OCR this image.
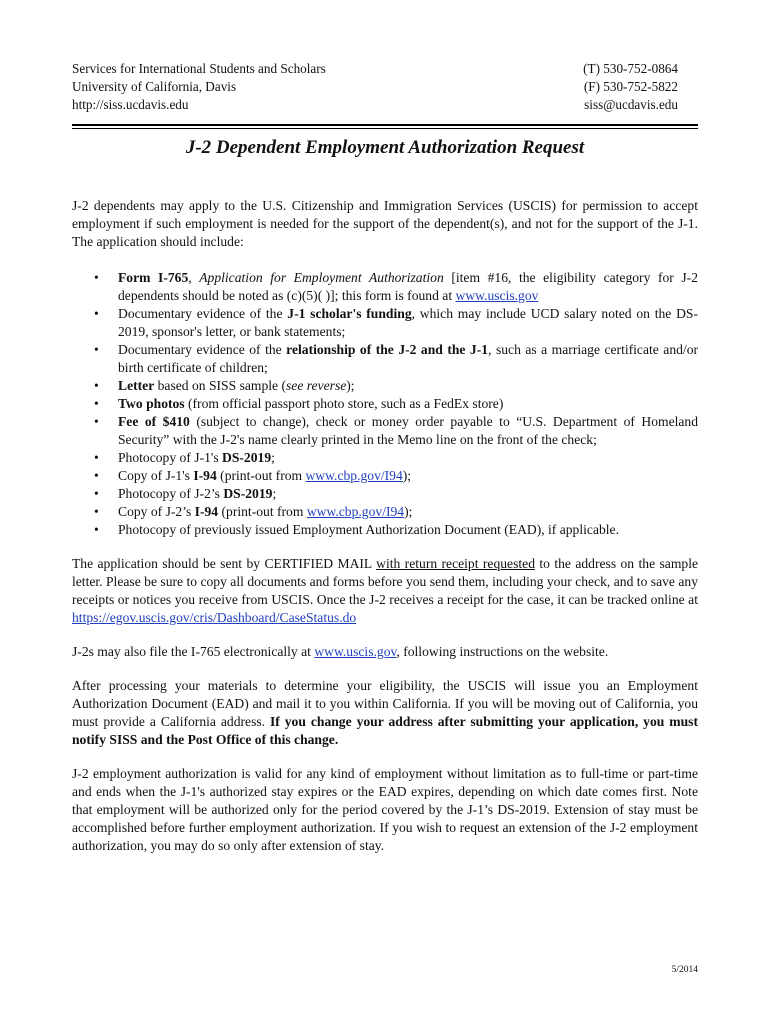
Services for International Students and Scholars
University of California, Davis
http://siss.ucdavis.edu
(T) 530-752-0864
(F) 530-752-5822
siss@ucdavis.edu
J-2 Dependent Employment Authorization Request

J-2 dependents may apply to the U.S. Citizenship and Immigration Services (USCIS) for permission to accept employment if such employment is needed for the support of the dependent(s), and not for the support of the J-1. The application should include:

• Form I-765, Application for Employment Authorization [item #16, the eligibility category for J-2 dependents should be noted as (c)(5)( )]; this form is found at www.uscis.gov
• Documentary evidence of the J-1 scholar's funding, which may include UCD salary noted on the DS-2019, sponsor's letter, or bank statements;
• Documentary evidence of the relationship of the J-2 and the J-1, such as a marriage certificate and/or birth certificate of children;
• Letter based on SISS sample (see reverse);
• Two photos (from official passport photo store, such as a FedEx store)
• Fee of $410 (subject to change), check or money order payable to “U.S. Department of Homeland Security” with the J-2's name clearly printed in the Memo line on the front of the check;
• Photocopy of J-1's DS-2019;
• Copy of J-1's I-94 (print-out from www.cbp.gov/I94);
• Photocopy of J-2’s DS-2019;
• Copy of J-2’s I-94 (print-out from www.cbp.gov/I94);
• Photocopy of previously issued Employment Authorization Document (EAD), if applicable.

The application should be sent by CERTIFIED MAIL with return receipt requested to the address on the sample letter. Please be sure to copy all documents and forms before you send them, including your check, and to save any receipts or notices you receive from USCIS. Once the J-2 receives a receipt for the case, it can be tracked online at https://egov.uscis.gov/cris/Dashboard/CaseStatus.do

J-2s may also file the I-765 electronically at www.uscis.gov, following instructions on the website.

After processing your materials to determine your eligibility, the USCIS will issue you an Employment Authorization Document (EAD) and mail it to you within California. If you will be moving out of California, you must provide a California address. If you change your address after submitting your application, you must notify SISS and the Post Office of this change.

J-2 employment authorization is valid for any kind of employment without limitation as to full-time or part-time and ends when the J-1's authorized stay expires or the EAD expires, depending on which date comes first. Note that employment will be authorized only for the period covered by the J-1’s DS-2019. Extension of stay must be accomplished before further employment authorization. If you wish to request an extension of the J-2 employment authorization, you may do so only after extension of stay.

5/2014
